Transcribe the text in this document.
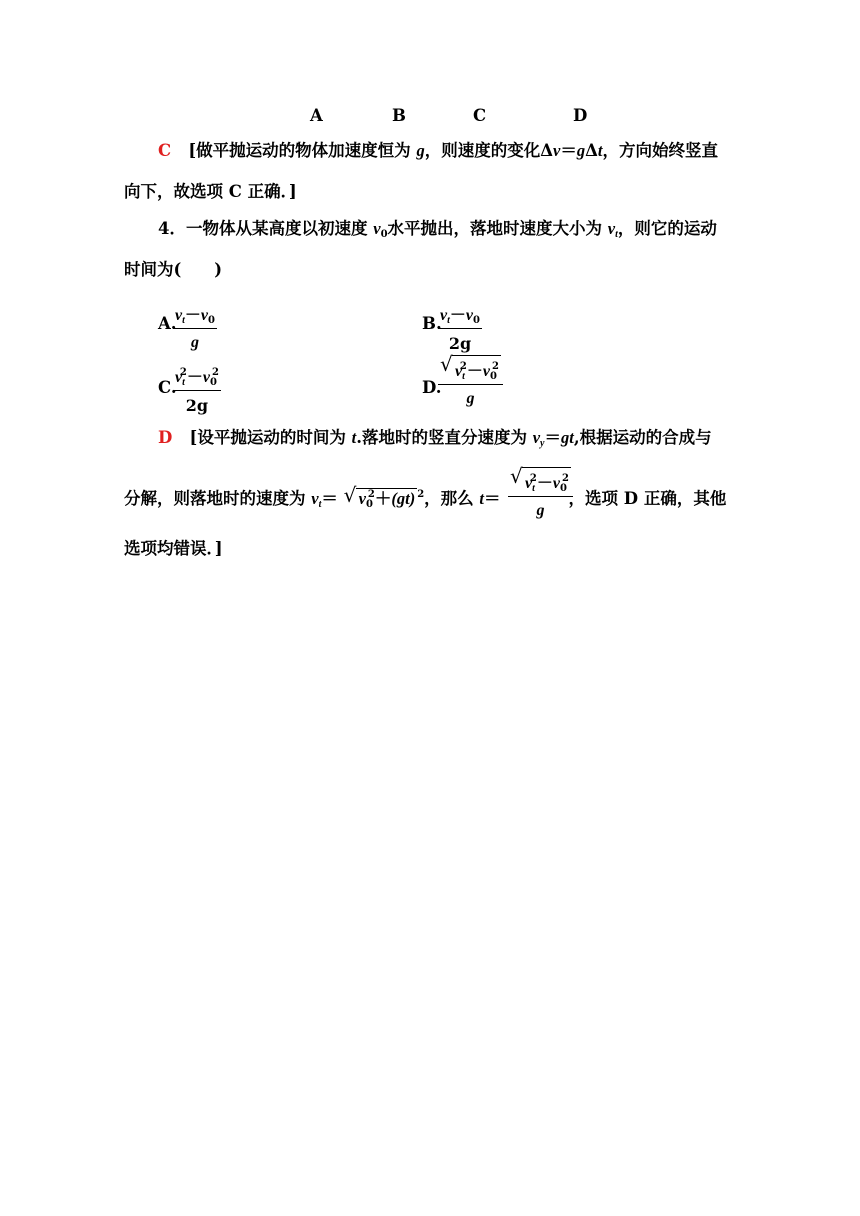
A	B	C	D
C [做平抛运动的物体加速度恒为 g，则速度的变化Δv＝gΔt，方向始终竖直
向下，故选项 C 正确．]
4．一物体从某高度以初速度 v0水平抛出，落地时速度大小为 vt，则它的运动
时间为(　　)
A.
$\frac{vt-v0}{g}$	B.
$\frac{vt-v0}{2g}$
C.
$\frac{vt^2-v0^2}{2g}$	D.
$\frac{√ vt^2-v0^2}{g}$
D [设平抛运动的时间为 t.落地时的竖直分速度为 vy＝gt,根据运动的合成与
分解，则落地时的速度为 vt＝ √ $v0^2+(gt)$ $^2$，那么 t＝	，选项 D 正确，其他
$\frac{√ vt^2-v0^2}{g}$
选项均错误．]
